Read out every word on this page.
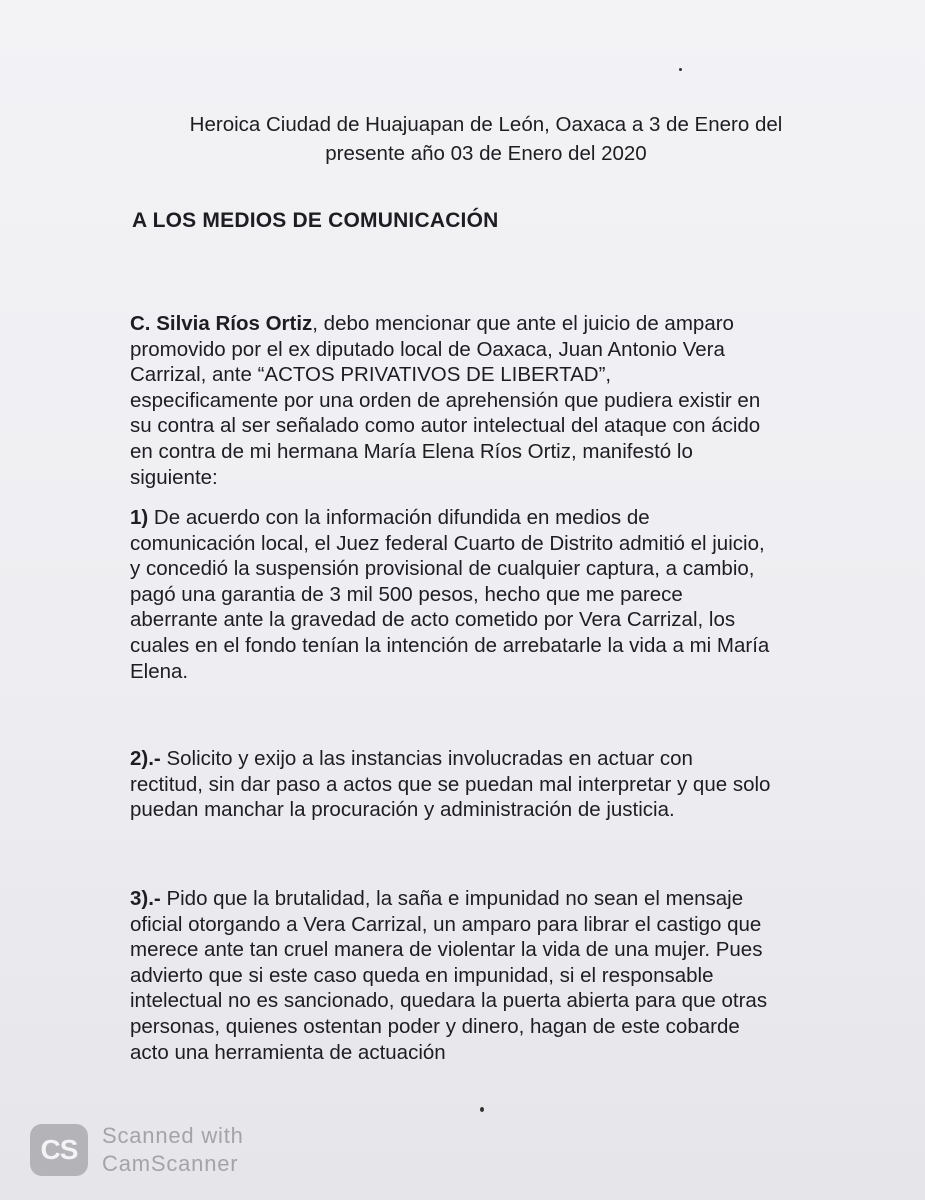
Heroica Ciudad de Huajuapan de León, Oaxaca a 3 de Enero del

presente año 03 de Enero del 2020

A LOS MEDIOS DE COMUNICACIÓN
C. Silvia Ríos Ortiz, debo mencionar que ante el juicio de amparo
promovido por el ex diputado local de Oaxaca, Juan Antonio Vera
Carrizal, ante “ACTOS PRIVATIVOS DE LIBERTAD”,
especificamente por una orden de aprehensión que pudiera existir en
su contra al ser señalado como autor intelectual del ataque con ácido
en contra de mi hermana María Elena Ríos Ortiz, manifestó lo
siguiente:
1) De acuerdo con la información difundida en medios de
comunicación local, el Juez federal Cuarto de Distrito admitió el juicio,
y concedió la suspensión provisional de cualquier captura, a cambio,
pagó una garantia de 3 mil 500 pesos, hecho que me parece
aberrante ante la gravedad de acto cometido por Vera Carrizal, los
cuales en el fondo tenían la intención de arrebatarle la vida a mi María
Elena.
2).- Solicito y exijo a las instancias involucradas en actuar con
rectitud, sin dar paso a actos que se puedan mal interpretar y que solo
puedan manchar la procuración y administración de justicia.
3).- Pido que la brutalidad, la saña e impunidad no sean el mensaje
oficial otorgando a Vera Carrizal, un amparo para librar el castigo que
merece ante tan cruel manera de violentar la vida de una mujer. Pues
advierto que si este caso queda en impunidad, si el responsable
intelectual no es sancionado, quedara la puerta abierta para que otras
personas, quienes ostentan poder y dinero, hagan de este cobarde
acto una herramienta de actuación
CS Scanned with
CamScanner
